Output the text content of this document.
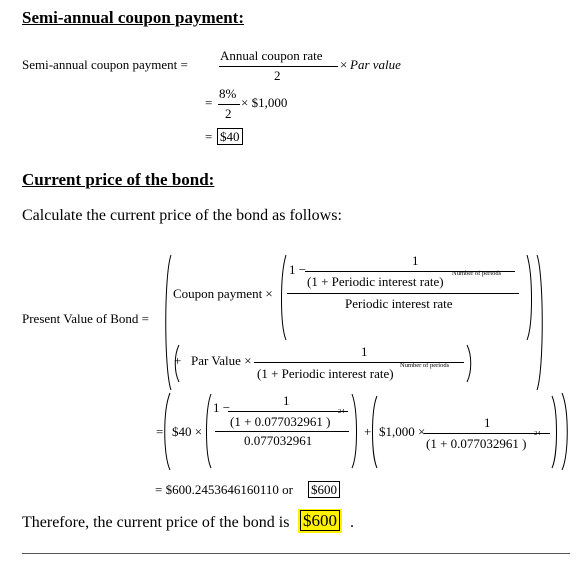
Semi-annual coupon payment:
Semi-annual coupon payment =
Annual coupon rate
2
× Par value
=
8%
2
× $1,000
= $40
Current price of the bond:
Calculate the current price of the bond as follows:
Present Value of Bond =
Coupon payment ×
1 −
1
(1 + Periodic interest rate)
Number of periods
Periodic interest rate
+ Par Value ×
1
(1 + Periodic interest rate)
Number of periods
= $40 ×
1 −	1
(1 + 0.077032961 )
24
0.077032961
+ $1,000 ×
1
(1 + 0.077032961 )
24
= $600.2453646160110 or $600
Therefore, the current price of the bond is $600 .
